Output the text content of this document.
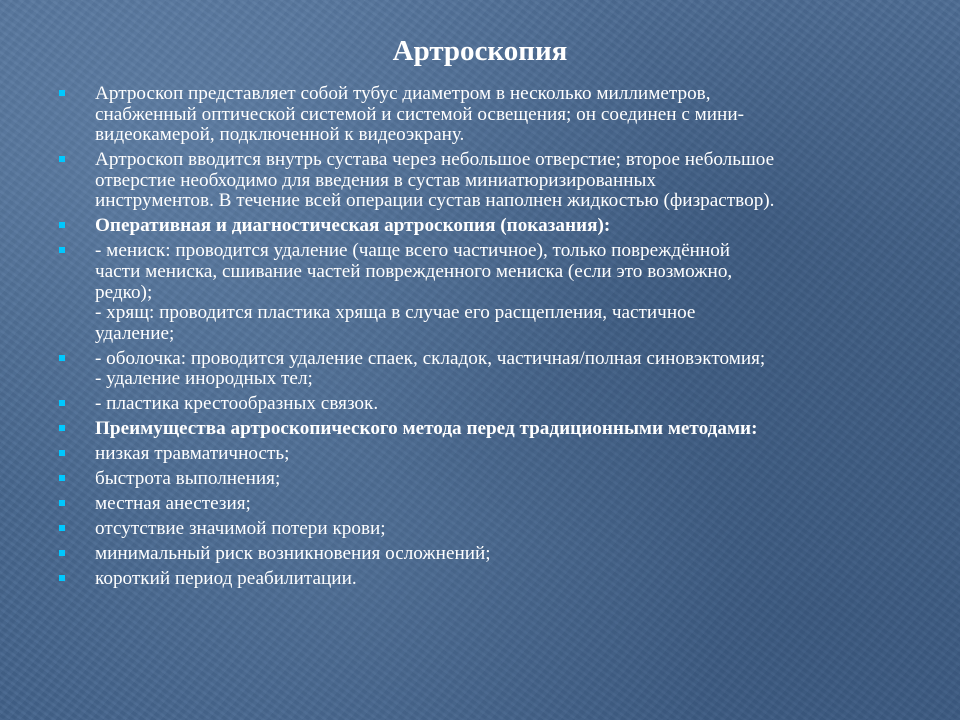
Артроскопия
Артроскоп представляет собой тубус диаметром в несколько миллиметров,
снабженный оптической системой и системой освещения; он соединен с мини-
видеокамерой, подключенной к видеоэкрану.
Артроскоп вводится внутрь сустава через небольшое отверстие; второе небольшое
отверстие необходимо для введения в сустав миниатюризированных
инструментов. В течение всей операции сустав наполнен жидкостью (физраствор).
Оперативная и диагностическая артроскопия (показания):
- мениск: проводится удаление (чаще всего частичное), только повреждённой
части мениска, сшивание частей поврежденного мениска (если это возможно,
редко);
- хрящ: проводится пластика хряща в случае его расщепления, частичное
удаление;
- оболочка: проводится удаление спаек, складок, частичная/полная синовэктомия;
- удаление инородных тел;
- пластика крестообразных связок.
Преимущества артроскопического метода перед традиционными методами:
низкая травматичность;
быстрота выполнения;
местная анестезия;
отсутствие значимой потери крови;
минимальный риск возникновения осложнений;
короткий период реабилитации.
